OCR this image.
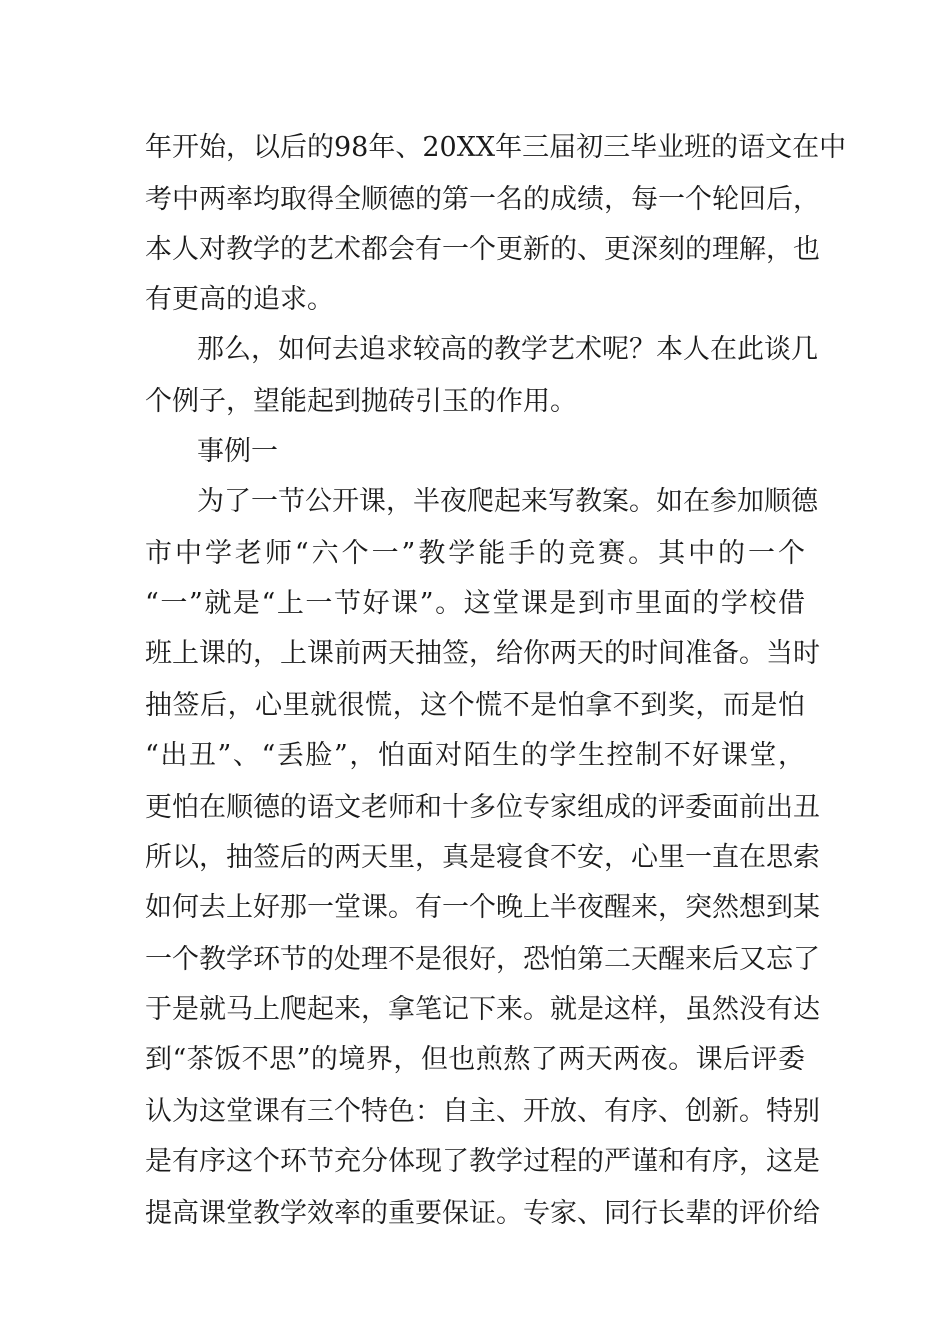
年开始，以后的98年、20XX年三届初三毕业班的语文在中
考中两率均取得全顺德的第一名的成绩，每一个轮回后，
本人对教学的艺术都会有一个更新的、更深刻的理解，也
有更高的追求。
那么，如何去追求较高的教学艺术呢？本人在此谈几
个例子，望能起到抛砖引玉的作用。
事例一
为了一节公开课，半夜爬起来写教案。如在参加顺德
市中学老师“六个一”教学能手的竞赛。其中的一个
“一”就是“上一节好课”。这堂课是到市里面的学校借
班上课的，上课前两天抽签，给你两天的时间准备。当时
抽签后，心里就很慌，这个慌不是怕拿不到奖，而是怕
“出丑”、“丢脸”，怕面对陌生的学生控制不好课堂，
更怕在顺德的语文老师和十多位专家组成的评委面前出丑
所以，抽签后的两天里，真是寝食不安，心里一直在思索
如何去上好那一堂课。有一个晚上半夜醒来，突然想到某
一个教学环节的处理不是很好，恐怕第二天醒来后又忘了
于是就马上爬起来，拿笔记下来。就是这样，虽然没有达
到“茶饭不思”的境界，但也煎熬了两天两夜。课后评委
认为这堂课有三个特色：自主、开放、有序、创新。特别
是有序这个环节充分体现了教学过程的严谨和有序，这是
提高课堂教学效率的重要保证。专家、同行长辈的评价给
